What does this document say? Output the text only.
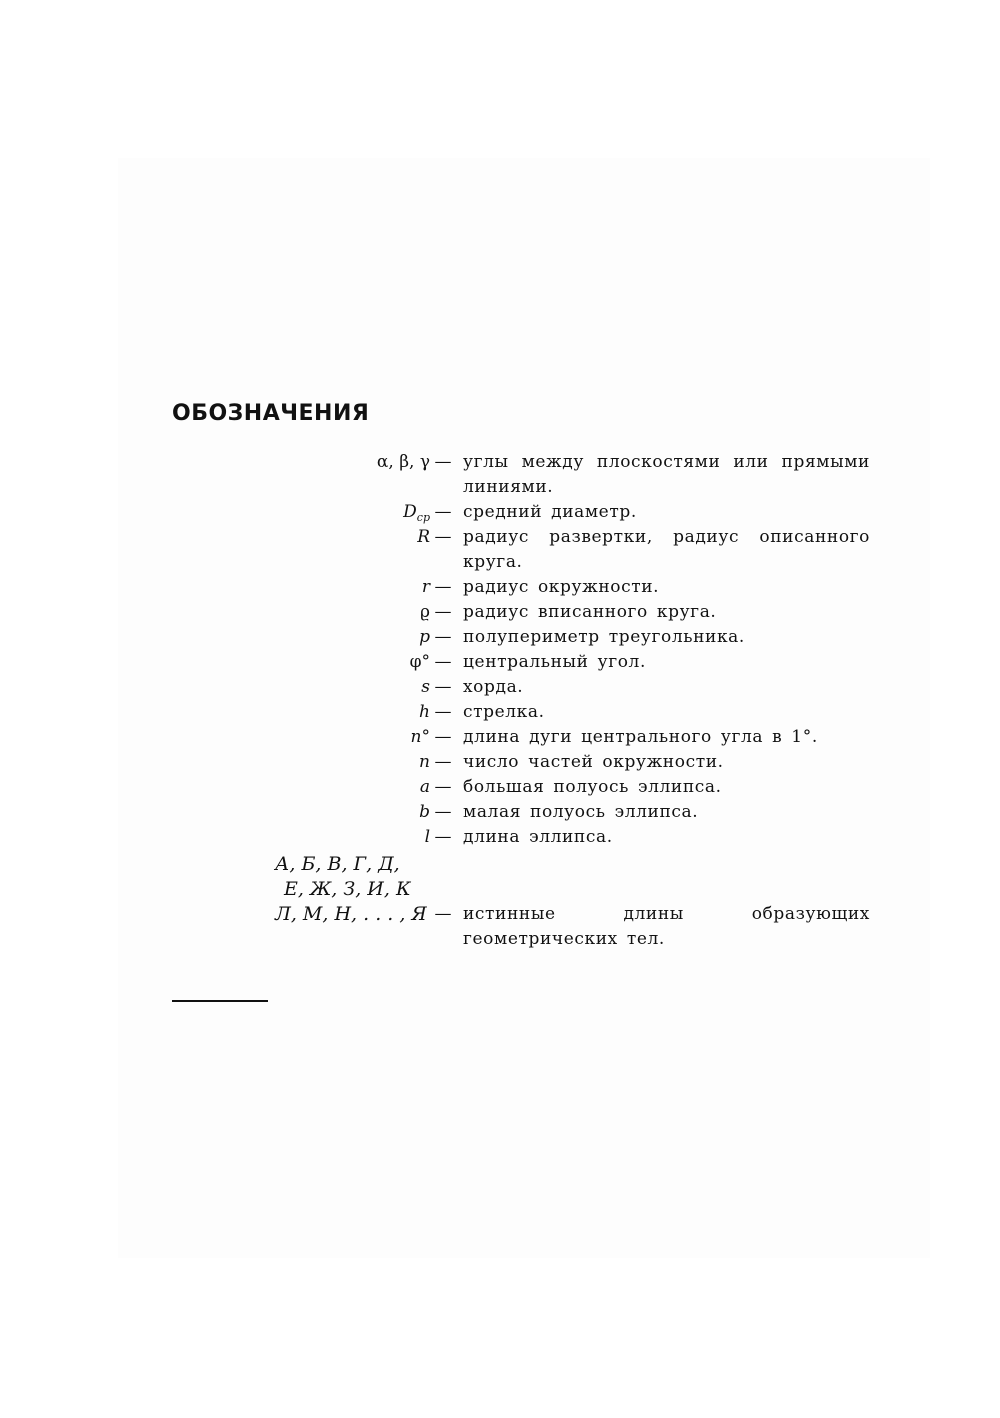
ОБОЗНАЧЕНИЯ
α, β, γ — углы между плоскостями или прямыми линиями.
$D_{cp}$ — средний диаметр.
R — радиус развертки, радиус описанного круга.
r — радиус окружности.
ϱ — радиус вписанного круга.
p — полупериметр треугольника.
φ° — центральный угол.
s — хорда.
h — стрелка.
n° — длина дуги центрального угла в 1°.
n — число частей окружности.
a — большая полуось эллипса.
b — малая полуось эллипса.
l — длина эллипса.
А, Б, В, Г, Д,
Е, Ж, З, И, К
Л, М, Н, . . . , Я — истинные длины образующих геометрических тел.
